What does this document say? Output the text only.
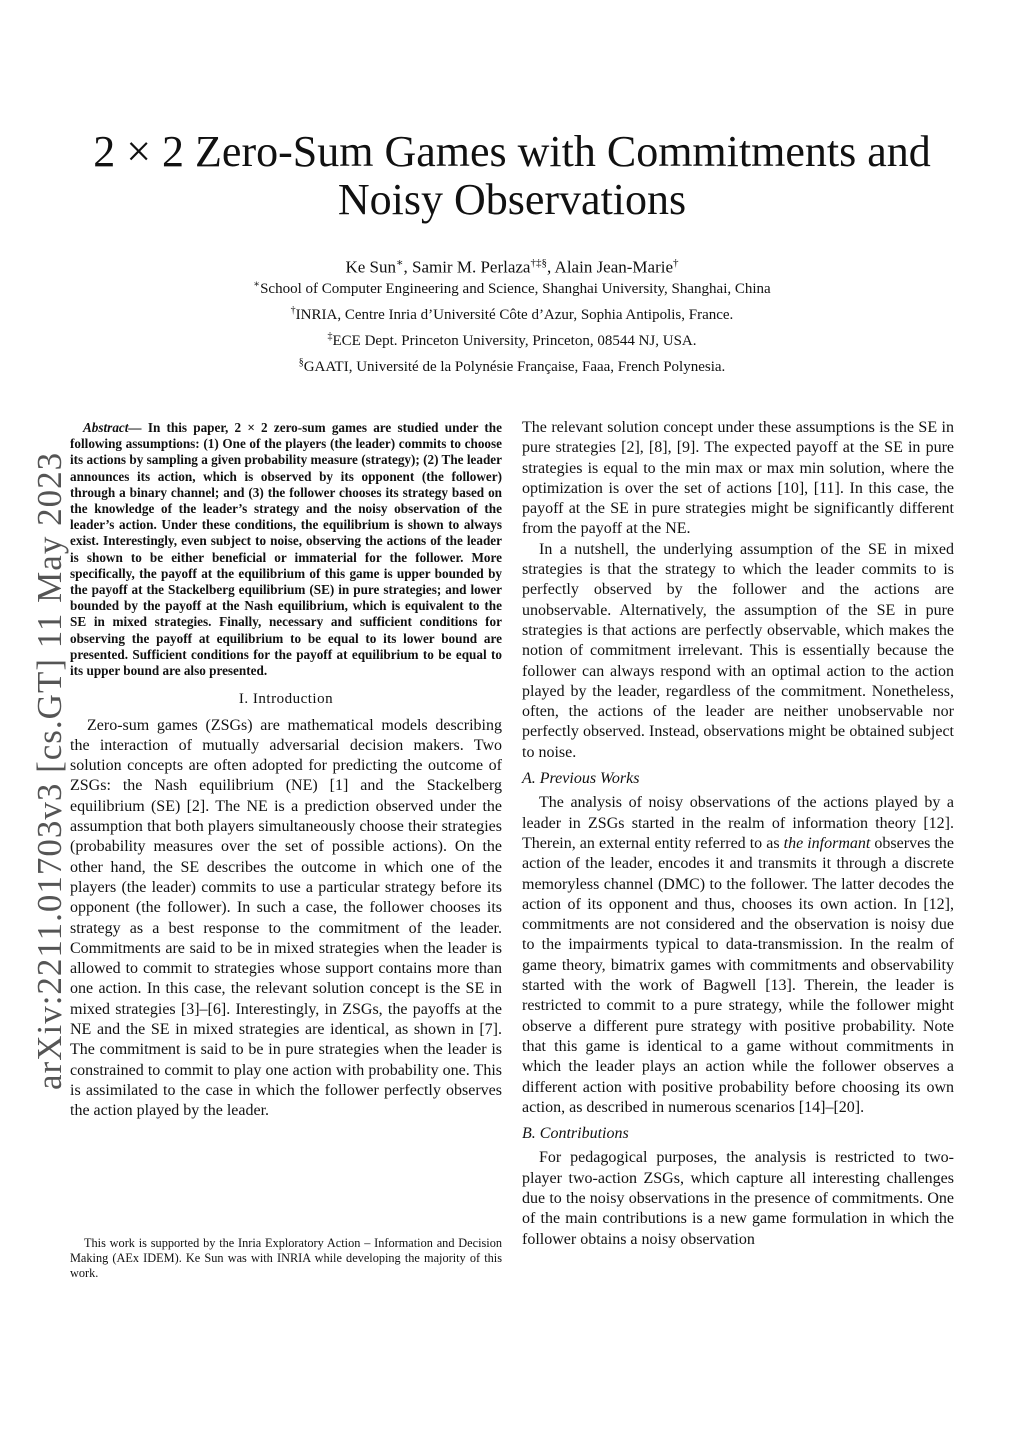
arXiv:2211.01703v3 [cs.GT] 11 May 2023
2 × 2 Zero-Sum Games with Commitments and
Noisy Observations
Ke Sun∗, Samir M. Perlaza†‡§, Alain Jean-Marie†
∗School of Computer Engineering and Science, Shanghai University, Shanghai, China
†INRIA, Centre Inria d’Université Côte d’Azur, Sophia Antipolis, France.
‡ECE Dept. Princeton University, Princeton, 08544 NJ, USA.
§GAATI, Université de la Polynésie Française, Faaa, French Polynesia.

Abstract— In this paper, 2 × 2 zero-sum games are studied under the following assumptions: (1) One of the players (the leader) commits to choose its actions by sampling a given probability measure (strategy); (2) The leader announces its action, which is observed by its opponent (the follower) through a binary channel; and (3) the follower chooses its strategy based on the knowledge of the leader’s strategy and the noisy observation of the leader’s action. Under these conditions, the equilibrium is shown to always exist. Interestingly, even subject to noise, observing the actions of the leader is shown to be either beneficial or immaterial for the follower. More specifically, the payoff at the equilibrium of this game is upper bounded by the payoff at the Stackelberg equilibrium (SE) in pure strategies; and lower bounded by the payoff at the Nash equilibrium, which is equivalent to the SE in mixed strategies. Finally, necessary and sufficient conditions for observing the payoff at equilibrium to be equal to its lower bound are presented. Sufficient conditions for the payoff at equilibrium to be equal to its upper bound are also presented.

I. Introduction

Zero-sum games (ZSGs) are mathematical models describing the interaction of mutually adversarial decision makers. Two solution concepts are often adopted for predicting the outcome of ZSGs: the Nash equilibrium (NE) [1] and the Stackelberg equilibrium (SE) [2]. The NE is a prediction observed under the assumption that both players simultaneously choose their strategies (probability measures over the set of possible actions). On the other hand, the SE describes the outcome in which one of the players (the leader) commits to use a particular strategy before its opponent (the follower). In such a case, the follower chooses its strategy as a best response to the commitment of the leader. Commitments are said to be in mixed strategies when the leader is allowed to commit to strategies whose support contains more than one action. In this case, the relevant solution concept is the SE in mixed strategies [3]–[6]. Interestingly, in ZSGs, the payoffs at the NE and the SE in mixed strategies are identical, as shown in [7]. The commitment is said to be in pure strategies when the leader is constrained to commit to play one action with probability one. This is assimilated to the case in which the follower perfectly observes the action played by the leader.

This work is supported by the Inria Exploratory Action – Information and Decision Making (AEx IDEM). Ke Sun was with INRIA while developing the majority of this work.

The relevant solution concept under these assumptions is the SE in pure strategies [2], [8], [9]. The expected payoff at the SE in pure strategies is equal to the min max or max min solution, where the optimization is over the set of actions [10], [11]. In this case, the payoff at the SE in pure strategies might be significantly different from the payoff at the NE.

In a nutshell, the underlying assumption of the SE in mixed strategies is that the strategy to which the leader commits to is perfectly observed by the follower and the actions are unobservable. Alternatively, the assumption of the SE in pure strategies is that actions are perfectly observable, which makes the notion of commitment irrelevant. This is essentially because the follower can always respond with an optimal action to the action played by the leader, regardless of the commitment. Nonetheless, often, the actions of the leader are neither unobservable nor perfectly observed. Instead, observations might be obtained subject to noise.

A. Previous Works

The analysis of noisy observations of the actions played by a leader in ZSGs started in the realm of information theory [12]. Therein, an external entity referred to as the informant observes the action of the leader, encodes it and transmits it through a discrete memoryless channel (DMC) to the follower. The latter decodes the action of its opponent and thus, chooses its own action. In [12], commitments are not considered and the observation is noisy due to the impairments typical to data-transmission. In the realm of game theory, bimatrix games with commitments and observability started with the work of Bagwell [13]. Therein, the leader is restricted to commit to a pure strategy, while the follower might observe a different pure strategy with positive probability. Note that this game is identical to a game without commitments in which the leader plays an action while the follower observes a different action with positive probability before choosing its own action, as described in numerous scenarios [14]–[20].

B. Contributions

For pedagogical purposes, the analysis is restricted to two-player two-action ZSGs, which capture all interesting challenges due to the noisy observations in the presence of commitments. One of the main contributions is a new game formulation in which the follower obtains a noisy observation
